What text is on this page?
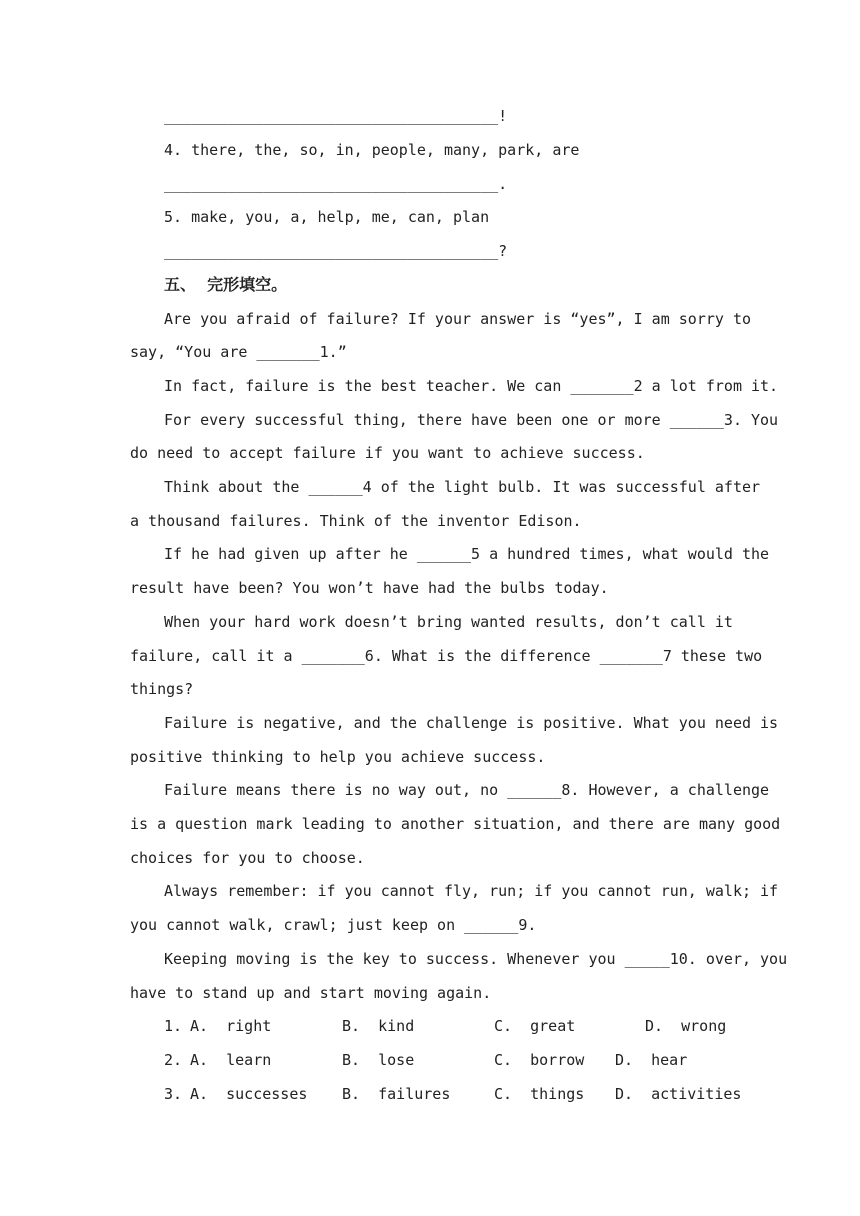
_____________________________________!
4. there, the, so, in, people, many, park, are
_____________________________________.
5. make, you, a, help, me, can, plan
_____________________________________?
五、  完形填空。
Are you afraid of failure? If your answer is “yes”, I am sorry to
say, “You are _______1.”
In fact, failure is the best teacher. We can _______2 a lot from it.
For every successful thing, there have been one or more ______3. You
do need to accept failure if you want to achieve success.
Think about the ______4 of the light bulb. It was successful after
a thousand failures. Think of the inventor Edison.
If he had given up after he ______5 a hundred times, what would the
result have been? You won’t have had the bulbs today.
When your hard work doesn’t bring wanted results, don’t call it
failure, call it a _______6. What is the difference _______7 these two
things?
Failure is negative, and the challenge is positive. What you need is
positive thinking to help you achieve success.
Failure means there is no way out, no ______8. However, a challenge
is a question mark leading to another situation, and there are many good
choices for you to choose.
Always remember: if you cannot fly, run; if you cannot run, walk; if
you cannot walk, crawl; just keep on ______9.
Keeping moving is the key to success. Whenever you _____10. over, you
have to stand up and start moving again.
1. A.  right	B.  kind	C.  great	D.  wrong
2. A.  learn	B.  lose	C.  borrow D.  hear
3. A.  successes B.  failures	C.  things D.  activities
